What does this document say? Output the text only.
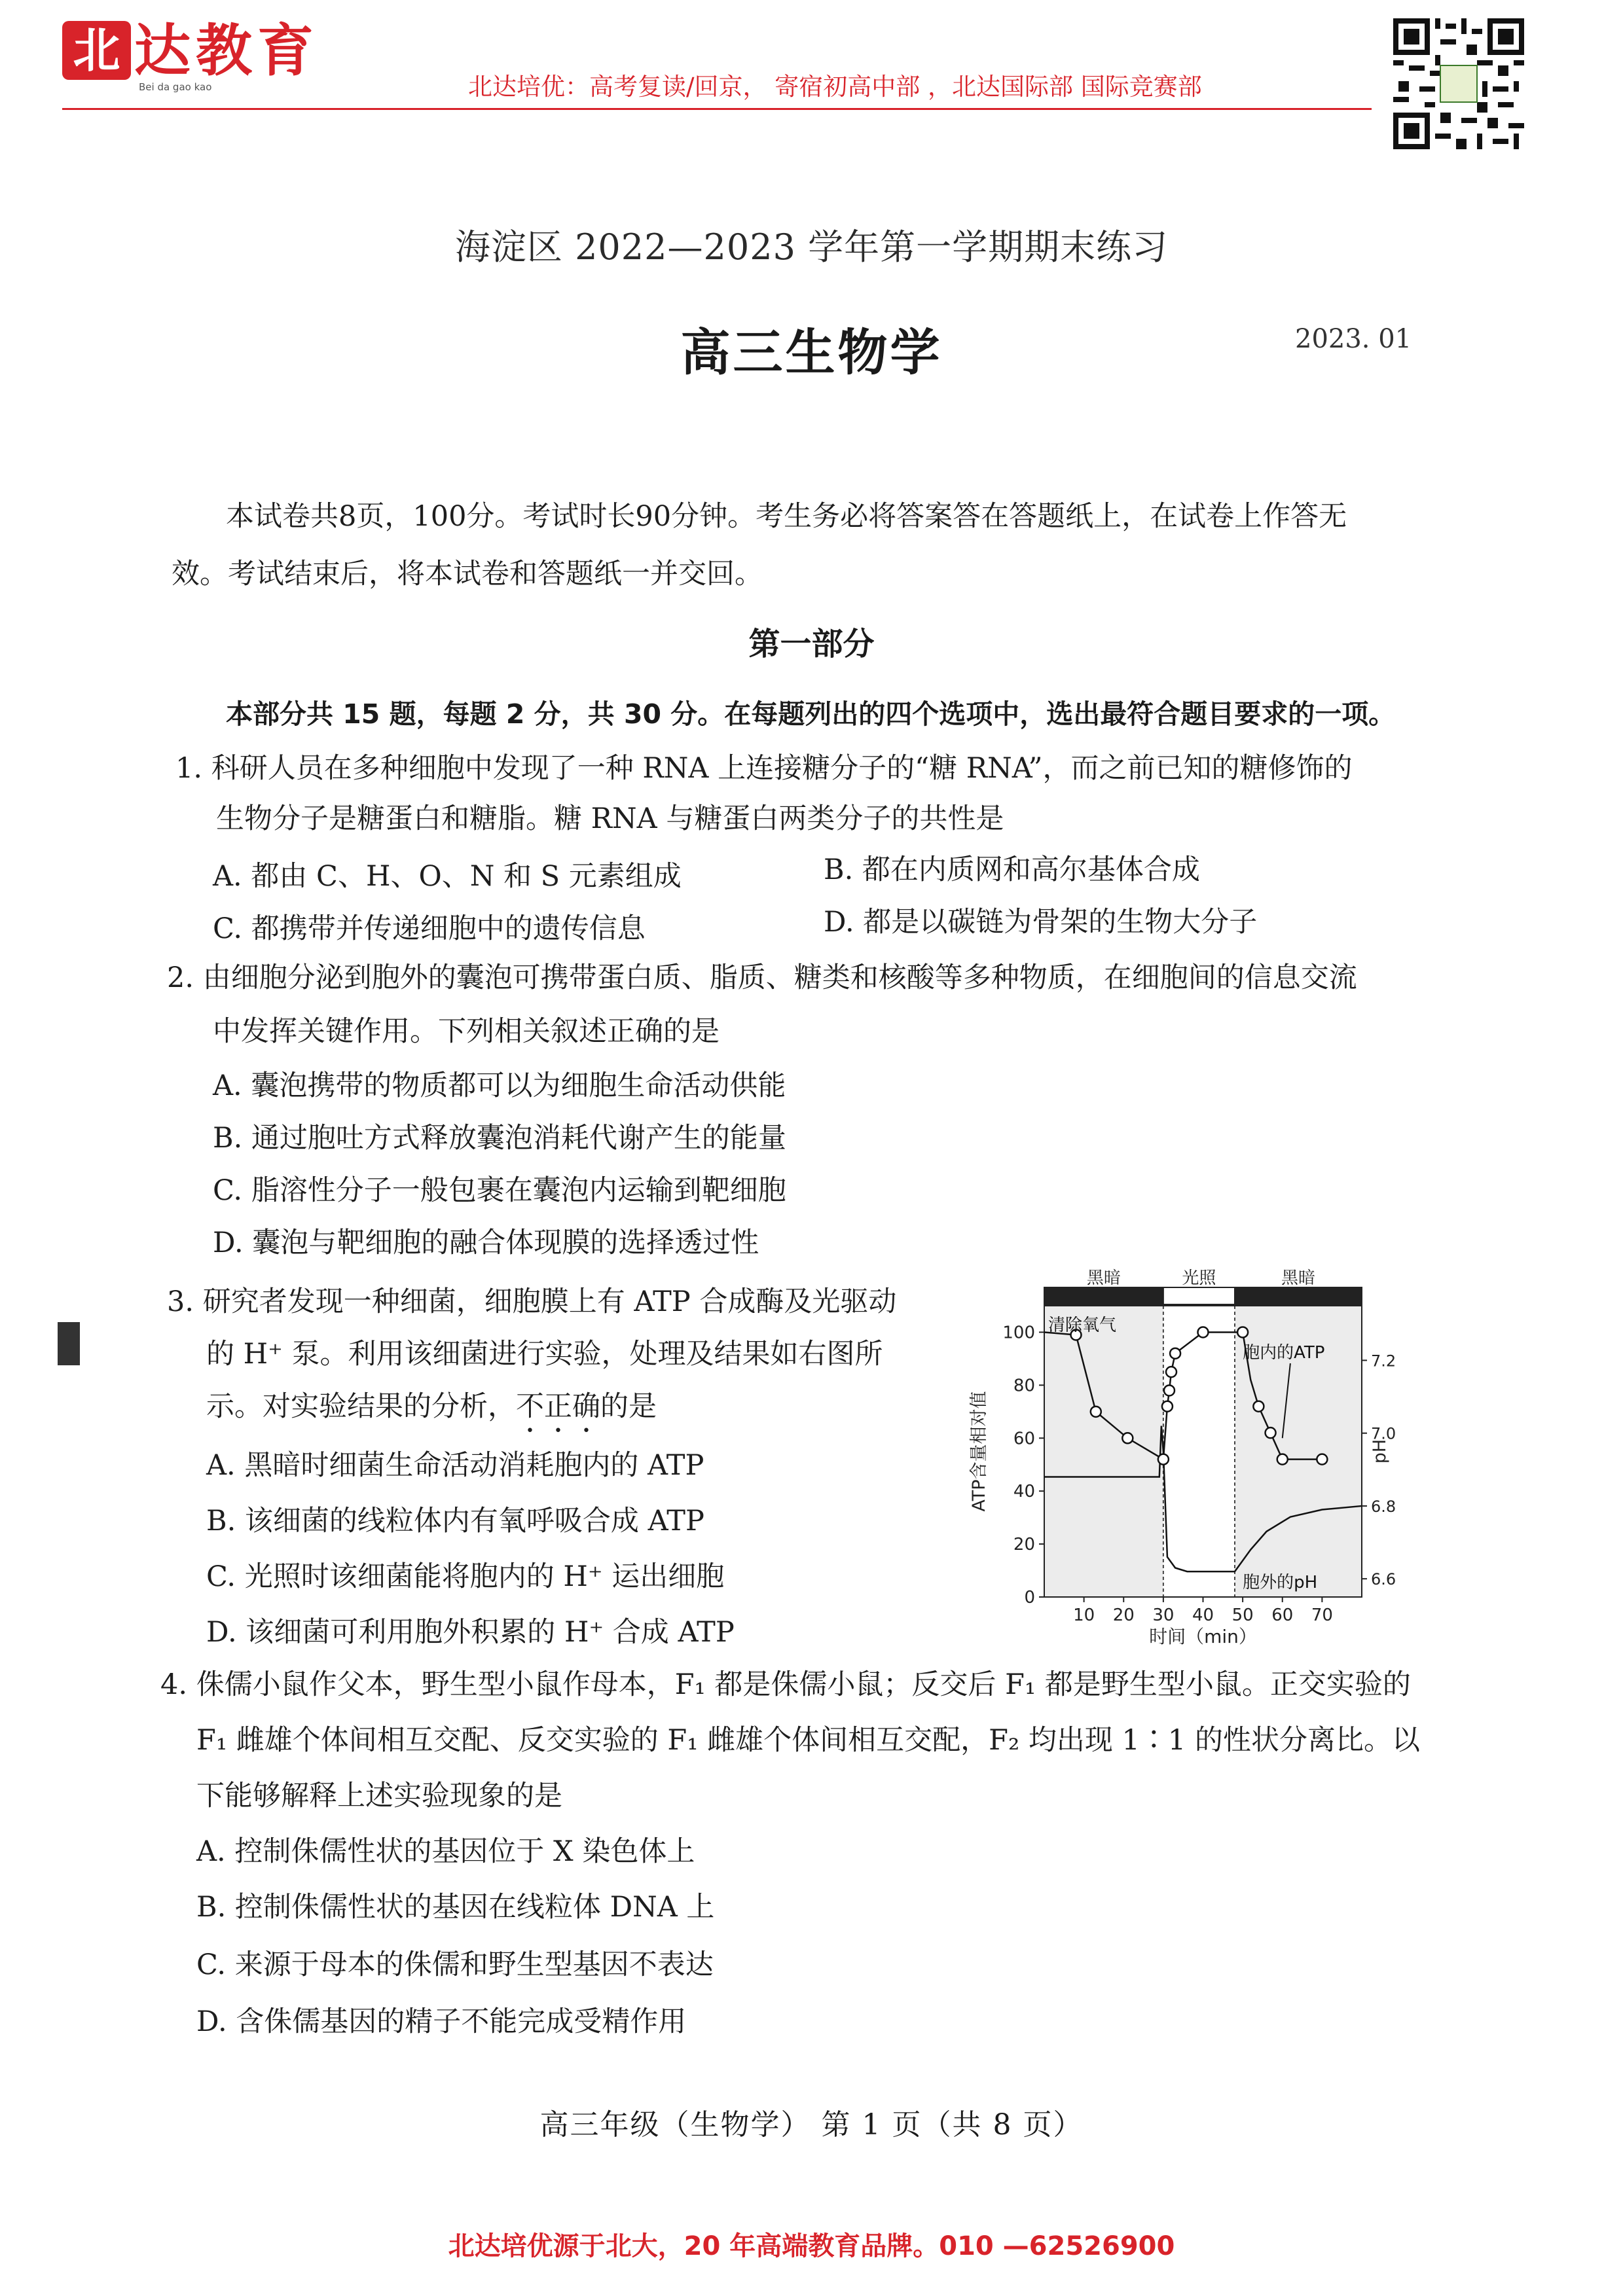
北 达教育
Bei da gao kao	北达培优：高考复读/回京， 寄宿初高中部 ，北达国际部 国际竞赛部
海淀区 2022—2023 学年第一学期期末练习
高三生物学	2023. 01
本试卷共8页，100分。考试时长90分钟。考生务必将答案答在答题纸上，在试卷上作答无
效。考试结束后，将本试卷和答题纸一并交回。
第一部分
本部分共 15 题，每题 2 分，共 30 分。在每题列出的四个选项中，选出最符合题目要求的一项。
1. 科研人员在多种细胞中发现了一种 RNA 上连接糖分子的“糖 RNA”，而之前已知的糖修饰的
生物分子是糖蛋白和糖脂。糖 RNA 与糖蛋白两类分子的共性是
A. 都由 C、H、O、N 和 S 元素组成	B. 都在内质网和高尔基体合成
C. 都携带并传递细胞中的遗传信息	D. 都是以碳链为骨架的生物大分子
2. 由细胞分泌到胞外的囊泡可携带蛋白质、脂质、糖类和核酸等多种物质，在细胞间的信息交流
中发挥关键作用。下列相关叙述正确的是
A. 囊泡携带的物质都可以为细胞生命活动供能
B. 通过胞吐方式释放囊泡消耗代谢产生的能量
C. 脂溶性分子一般包裹在囊泡内运输到靶细胞
D. 囊泡与靶细胞的融合体现膜的选择透过性
3. 研究者发现一种细菌，细胞膜上有 ATP 合成酶及光驱动
的 H⁺ 泵。利用该细菌进行实验，处理及结果如右图所
示。对实验结果的分析，不正确的是
A. 黑暗时细菌生命活动消耗胞内的 ATP
B. 该细菌的线粒体内有氧呼吸合成 ATP
C. 光照时该细菌能将胞内的 H⁺ 运出细胞
D. 该细菌可利用胞外积累的 H⁺ 合成 ATP
黑暗	光照	黑暗
10 20 30 40 50 60 70
时间（min）
0
20
40
60
80
100
ATP含量相对值
6.6
6.8
7.0
7.2
pH
清除氧气
胞内的ATP
胞外的pH
4. 侏儒小鼠作父本，野生型小鼠作母本，F₁ 都是侏儒小鼠；反交后 F₁ 都是野生型小鼠。正交实验的
F₁ 雌雄个体间相互交配、反交实验的 F₁ 雌雄个体间相互交配，F₂ 均出现 1∶1 的性状分离比。以
下能够解释上述实验现象的是
A. 控制侏儒性状的基因位于 X 染色体上
B. 控制侏儒性状的基因在线粒体 DNA 上
C. 来源于母本的侏儒和野生型基因不表达
D. 含侏儒基因的精子不能完成受精作用
高三年级（生物学） 第 1 页（共 8 页）
北达培优源于北大，20 年高端教育品牌。010 —62526900
